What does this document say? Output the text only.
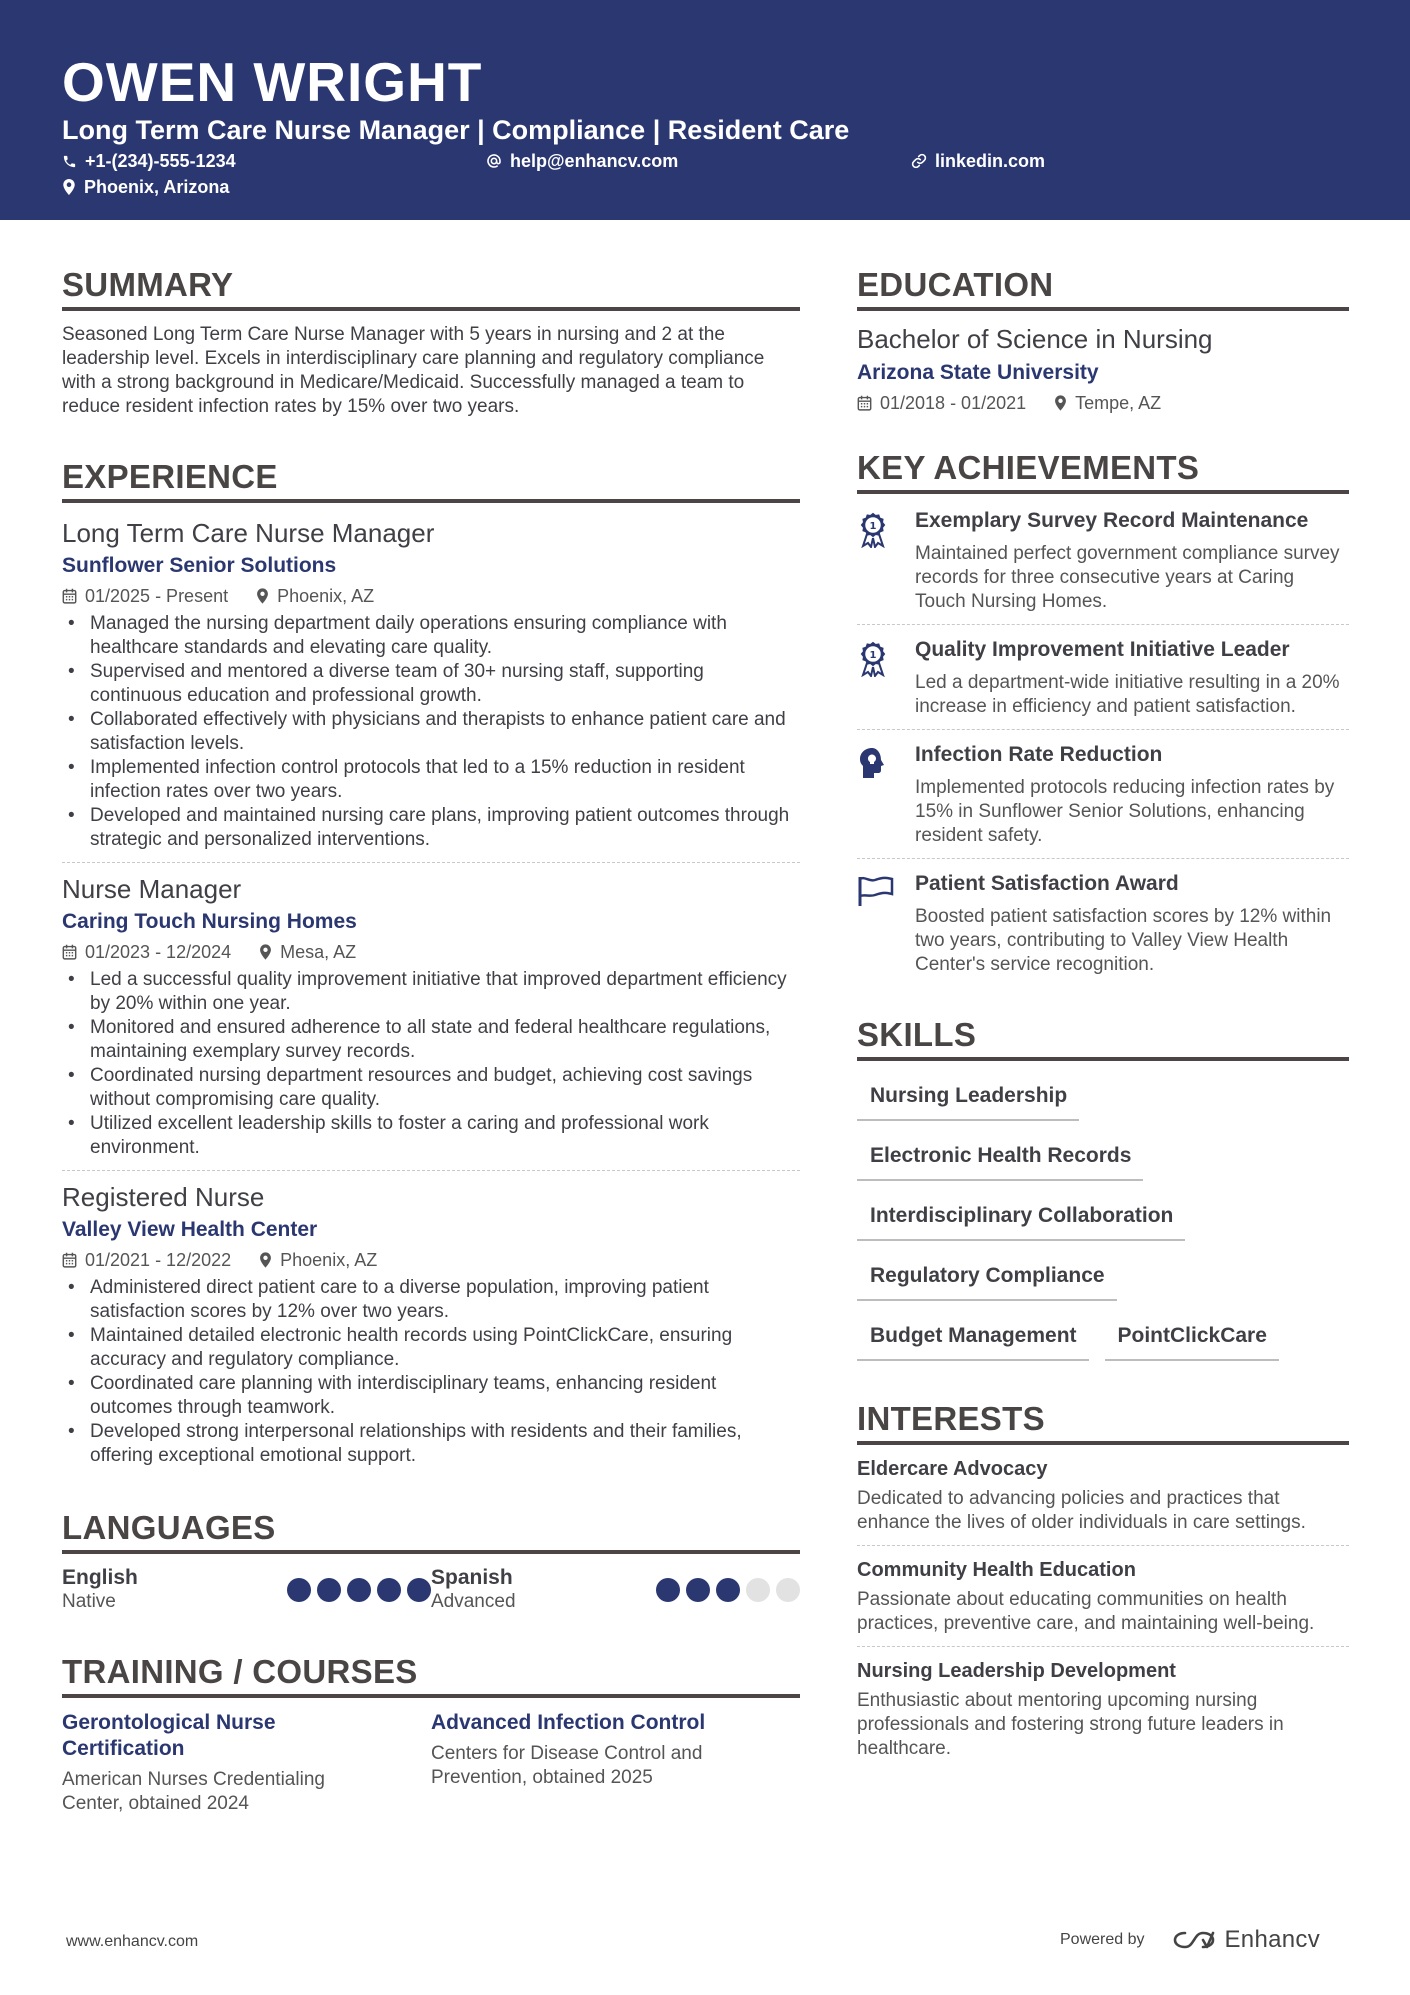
OWEN WRIGHT
Long Term Care Nurse Manager | Compliance | Resident Care
+1-(234)-555-1234	help@enhancv.com	linkedin.com
Phoenix, Arizona
SUMMARY
Seasoned Long Term Care Nurse Manager with 5 years in nursing and 2 at the leadership level. Excels in interdisciplinary care planning and regulatory compliance with a strong background in Medicare/Medicaid. Successfully managed a team to reduce resident infection rates by 15% over two years.
EXPERIENCE
Long Term Care Nurse Manager
Sunflower Senior Solutions
01/2025 - Present	Phoenix, AZ
• Managed the nursing department daily operations ensuring compliance with healthcare standards and elevating care quality.
• Supervised and mentored a diverse team of 30+ nursing staff, supporting continuous education and professional growth.
• Collaborated effectively with physicians and therapists to enhance patient care and satisfaction levels.
• Implemented infection control protocols that led to a 15% reduction in resident infection rates over two years.
• Developed and maintained nursing care plans, improving patient outcomes through strategic and personalized interventions.
Nurse Manager
Caring Touch Nursing Homes
01/2023 - 12/2024	Mesa, AZ
• Led a successful quality improvement initiative that improved department efficiency by 20% within one year.
• Monitored and ensured adherence to all state and federal healthcare regulations, maintaining exemplary survey records.
• Coordinated nursing department resources and budget, achieving cost savings without compromising care quality.
• Utilized excellent leadership skills to foster a caring and professional work environment.
Registered Nurse
Valley View Health Center
01/2021 - 12/2022	Phoenix, AZ
• Administered direct patient care to a diverse population, improving patient satisfaction scores by 12% over two years.
• Maintained detailed electronic health records using PointClickCare, ensuring accuracy and regulatory compliance.
• Coordinated care planning with interdisciplinary teams, enhancing resident outcomes through teamwork.
• Developed strong interpersonal relationships with residents and their families, offering exceptional emotional support.
LANGUAGES
English
Native
Spanish
Advanced
TRAINING / COURSES
Gerontological Nurse Certification
American Nurses Credentialing Center, obtained 2024
Advanced Infection Control
Centers for Disease Control and Prevention, obtained 2025
EDUCATION
Bachelor of Science in Nursing
Arizona State University
01/2018 - 01/2021	Tempe, AZ
KEY ACHIEVEMENTS
1 Exemplary Survey Record Maintenance
Maintained perfect government compliance survey records for three consecutive years at Caring Touch Nursing Homes.
1 Quality Improvement Initiative Leader
Led a department-wide initiative resulting in a 20% increase in efficiency and patient satisfaction.
Infection Rate Reduction
Implemented protocols reducing infection rates by 15% in Sunflower Senior Solutions, enhancing resident safety.
Patient Satisfaction Award
Boosted patient satisfaction scores by 12% within two years, contributing to Valley View Health Center's service recognition.
SKILLS
Nursing Leadership
Electronic Health Records
Interdisciplinary Collaboration
Regulatory Compliance
Budget Management	PointClickCare
INTERESTS
Eldercare Advocacy
Dedicated to advancing policies and practices that enhance the lives of older individuals in care settings.
Community Health Education
Passionate about educating communities on health practices, preventive care, and maintaining well-being.
Nursing Leadership Development
Enthusiastic about mentoring upcoming nursing professionals and fostering strong future leaders in healthcare.
www.enhancv.com	Powered by	Enhancv
